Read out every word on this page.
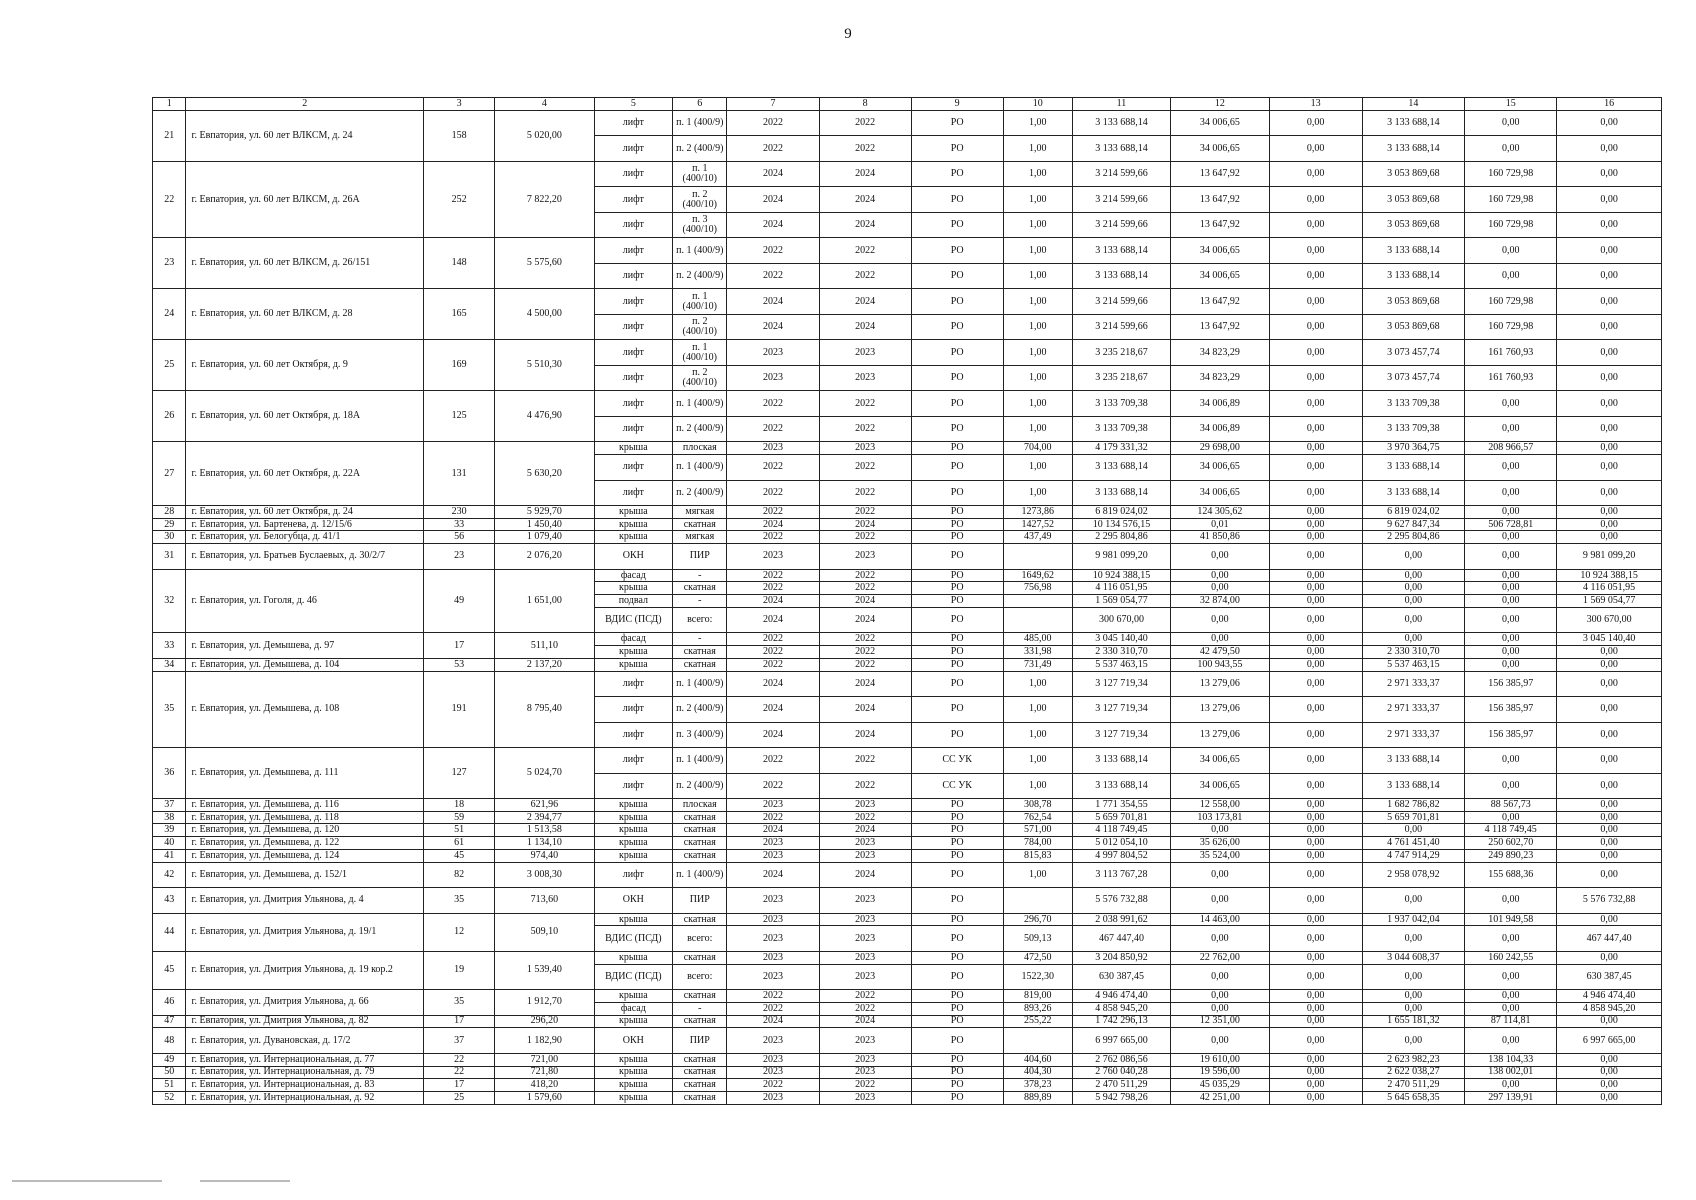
9
1	2	3	4	5	6	7	8	9	10	11	12	13	14	15	16
21	г. Евпатория, ул. 60 лет ВЛКСМ, д. 24	158	5 020,00	лифт	п. 1 (400/9)	2022	2022	РО	1,00	3 133 688,14	34 006,65	0,00	3 133 688,14	0,00	0,00
				лифт	п. 2 (400/9)	2022	2022	РО	1,00	3 133 688,14	34 006,65	0,00	3 133 688,14	0,00	0,00
22	г. Евпатория, ул. 60 лет ВЛКСМ, д. 26А	252	7 822,20	лифт	п. 1 (400/10)	2024	2024	РО	1,00	3 214 599,66	13 647,92	0,00	3 053 869,68	160 729,98	0,00
				лифт	п. 2 (400/10)	2024	2024	РО	1,00	3 214 599,66	13 647,92	0,00	3 053 869,68	160 729,98	0,00
				лифт	п. 3 (400/10)	2024	2024	РО	1,00	3 214 599,66	13 647,92	0,00	3 053 869,68	160 729,98	0,00
23	г. Евпатория, ул. 60 лет ВЛКСМ, д. 26/151	148	5 575,60	лифт	п. 1 (400/9)	2022	2022	РО	1,00	3 133 688,14	34 006,65	0,00	3 133 688,14	0,00	0,00
				лифт	п. 2 (400/9)	2022	2022	РО	1,00	3 133 688,14	34 006,65	0,00	3 133 688,14	0,00	0,00
24	г. Евпатория, ул. 60 лет ВЛКСМ, д. 28	165	4 500,00	лифт	п. 1 (400/10)	2024	2024	РО	1,00	3 214 599,66	13 647,92	0,00	3 053 869,68	160 729,98	0,00
				лифт	п. 2 (400/10)	2024	2024	РО	1,00	3 214 599,66	13 647,92	0,00	3 053 869,68	160 729,98	0,00
25	г. Евпатория, ул. 60 лет Октября, д. 9	169	5 510,30	лифт	п. 1 (400/10)	2023	2023	РО	1,00	3 235 218,67	34 823,29	0,00	3 073 457,74	161 760,93	0,00
				лифт	п. 2 (400/10)	2023	2023	РО	1,00	3 235 218,67	34 823,29	0,00	3 073 457,74	161 760,93	0,00
26	г. Евпатория, ул. 60 лет Октября, д. 18А	125	4 476,90	лифт	п. 1 (400/9)	2022	2022	РО	1,00	3 133 709,38	34 006,89	0,00	3 133 709,38	0,00	0,00
				лифт	п. 2 (400/9)	2022	2022	РО	1,00	3 133 709,38	34 006,89	0,00	3 133 709,38	0,00	0,00
27	г. Евпатория, ул. 60 лет Октября, д. 22А	131	5 630,20	крыша	плоская	2023	2023	РО	704,00	4 179 331,32	29 698,00	0,00	3 970 364,75	208 966,57	0,00
				лифт	п. 1 (400/9)	2022	2022	РО	1,00	3 133 688,14	34 006,65	0,00	3 133 688,14	0,00	0,00
				лифт	п. 2 (400/9)	2022	2022	РО	1,00	3 133 688,14	34 006,65	0,00	3 133 688,14	0,00	0,00
28	г. Евпатория, ул. 60 лет Октября, д. 24	230	5 929,70	крыша	мягкая	2022	2022	РО	1273,86	6 819 024,02	124 305,62	0,00	6 819 024,02	0,00	0,00
29	г. Евпатория, ул. Бартенева, д. 12/15/6	33	1 450,40	крыша	скатная	2024	2024	РО	1427,52	10 134 576,15	0,01	0,00	9 627 847,34	506 728,81	0,00
30	г. Евпатория, ул. Белогубца, д. 41/1	56	1 079,40	крыша	мягкая	2022	2022	РО	437,49	2 295 804,86	41 850,86	0,00	2 295 804,86	0,00	0,00
31	г. Евпатория, ул. Братьев Буслаевых, д. 30/2/7	23	2 076,20	ОКН	ПИР	2023	2023	РО		9 981 099,20	0,00	0,00	0,00	0,00	9 981 099,20
32	г. Евпатория, ул. Гоголя, д. 46	49	1 651,00	фасад	-	2022	2022	РО	1649,62	10 924 388,15	0,00	0,00	0,00	0,00	10 924 388,15
				крыша	скатная	2022	2022	РО	756,98	4 116 051,95	0,00	0,00	0,00	0,00	4 116 051,95
				подвал	-	2024	2024	РО		1 569 054,77	32 874,00	0,00	0,00	0,00	1 569 054,77
				ВДИС (ПСД)	всего:	2024	2024	РО		300 670,00	0,00	0,00	0,00	0,00	300 670,00
33	г. Евпатория, ул. Демышева, д. 97	17	511,10	фасад	-	2022	2022	РО	485,00	3 045 140,40	0,00	0,00	0,00	0,00	3 045 140,40
				крыша	скатная	2022	2022	РО	331,98	2 330 310,70	42 479,50	0,00	2 330 310,70	0,00	0,00
34	г. Евпатория, ул. Демышева, д. 104	53	2 137,20	крыша	скатная	2022	2022	РО	731,49	5 537 463,15	100 943,55	0,00	5 537 463,15	0,00	0,00
35	г. Евпатория, ул. Демышева, д. 108	191	8 795,40	лифт	п. 1 (400/9)	2024	2024	РО	1,00	3 127 719,34	13 279,06	0,00	2 971 333,37	156 385,97	0,00
				лифт	п. 2 (400/9)	2024	2024	РО	1,00	3 127 719,34	13 279,06	0,00	2 971 333,37	156 385,97	0,00
				лифт	п. 3 (400/9)	2024	2024	РО	1,00	3 127 719,34	13 279,06	0,00	2 971 333,37	156 385,97	0,00
36	г. Евпатория, ул. Демышева, д. 111	127	5 024,70	лифт	п. 1 (400/9)	2022	2022	СС УК	1,00	3 133 688,14	34 006,65	0,00	3 133 688,14	0,00	0,00
				лифт	п. 2 (400/9)	2022	2022	СС УК	1,00	3 133 688,14	34 006,65	0,00	3 133 688,14	0,00	0,00
37	г. Евпатория, ул. Демышева, д. 116	18	621,96	крыша	плоская	2023	2023	РО	308,78	1 771 354,55	12 558,00	0,00	1 682 786,82	88 567,73	0,00
38	г. Евпатория, ул. Демышева, д. 118	59	2 394,77	крыша	скатная	2022	2022	РО	762,54	5 659 701,81	103 173,81	0,00	5 659 701,81	0,00	0,00
39	г. Евпатория, ул. Демышева, д. 120	51	1 513,58	крыша	скатная	2024	2024	РО	571,00	4 118 749,45	0,00	0,00	0,00	4 118 749,45	0,00
40	г. Евпатория, ул. Демышева, д. 122	61	1 134,10	крыша	скатная	2023	2023	РО	784,00	5 012 054,10	35 626,00	0,00	4 761 451,40	250 602,70	0,00
41	г. Евпатория, ул. Демышева, д. 124	45	974,40	крыша	скатная	2023	2023	РО	815,83	4 997 804,52	35 524,00	0,00	4 747 914,29	249 890,23	0,00
42	г. Евпатория, ул. Демышева, д. 152/1	82	3 008,30	лифт	п. 1 (400/9)	2024	2024	РО	1,00	3 113 767,28	0,00	0,00	2 958 078,92	155 688,36	0,00
43	г. Евпатория, ул. Дмитрия Ульянова, д. 4	35	713,60	ОКН	ПИР	2023	2023	РО		5 576 732,88	0,00	0,00	0,00	0,00	5 576 732,88
44	г. Евпатория, ул. Дмитрия Ульянова, д. 19/1	12	509,10	крыша	скатная	2023	2023	РО	296,70	2 038 991,62	14 463,00	0,00	1 937 042,04	101 949,58	0,00
				ВДИС (ПСД)	всего:	2023	2023	РО	509,13	467 447,40	0,00	0,00	0,00	0,00	467 447,40
45	г. Евпатория, ул. Дмитрия Ульянова, д. 19 кор.2	19	1 539,40	крыша	скатная	2023	2023	РО	472,50	3 204 850,92	22 762,00	0,00	3 044 608,37	160 242,55	0,00
				ВДИС (ПСД)	всего:	2023	2023	РО	1522,30	630 387,45	0,00	0,00	0,00	0,00	630 387,45
46	г. Евпатория, ул. Дмитрия Ульянова, д. 66	35	1 912,70	крыша	скатная	2022	2022	РО	819,00	4 946 474,40	0,00	0,00	0,00	0,00	4 946 474,40
				фасад	-	2022	2022	РО	893,26	4 858 945,20	0,00	0,00	0,00	0,00	4 858 945,20
47	г. Евпатория, ул. Дмитрия Ульянова, д. 82	17	296,20	крыша	скатная	2024	2024	РО	255,22	1 742 296,13	12 351,00	0,00	1 655 181,32	87 114,81	0,00
48	г. Евпатория, ул. Дувановская, д. 17/2	37	1 182,90	ОКН	ПИР	2023	2023	РО		6 997 665,00	0,00	0,00	0,00	0,00	6 997 665,00
49	г. Евпатория, ул. Интернациональная, д. 77	22	721,00	крыша	скатная	2023	2023	РО	404,60	2 762 086,56	19 610,00	0,00	2 623 982,23	138 104,33	0,00
50	г. Евпатория, ул. Интернациональная, д. 79	22	721,80	крыша	скатная	2023	2023	РО	404,30	2 760 040,28	19 596,00	0,00	2 622 038,27	138 002,01	0,00
51	г. Евпатория, ул. Интернациональная, д. 83	17	418,20	крыша	скатная	2022	2022	РО	378,23	2 470 511,29	45 035,29	0,00	2 470 511,29	0,00	0,00
52	г. Евпатория, ул. Интернациональная, д. 92	25	1 579,60	крыша	скатная	2023	2023	РО	889,89	5 942 798,26	42 251,00	0,00	5 645 658,35	297 139,91	0,00
